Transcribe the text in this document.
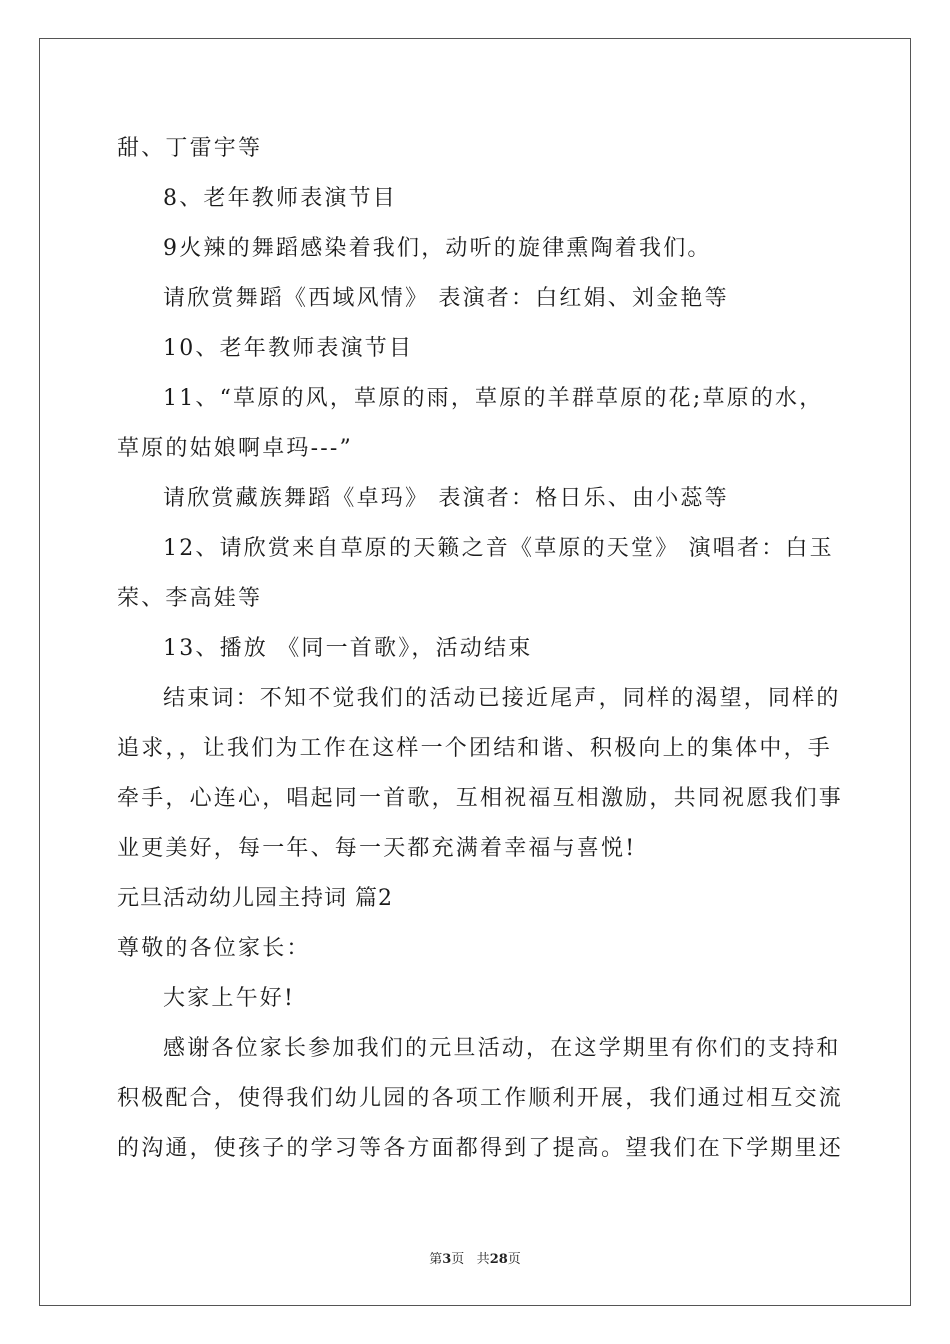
甜、丁雷宇等
8、老年教师表演节目
9火辣的舞蹈感染着我们，动听的旋律熏陶着我们。
请欣赏舞蹈《西域风情》 表演者：白红娟、刘金艳等
10、老年教师表演节目
11、“草原的风，草原的雨，草原的羊群草原的花;草原的水，
草原的姑娘啊卓玛---”
请欣赏藏族舞蹈《卓玛》 表演者：格日乐、由小蕊等
12、请欣赏来自草原的天籁之音《草原的天堂》 演唱者：白玉
荣、李高娃等
13、播放 《同一首歌》，活动结束
结束词：不知不觉我们的活动已接近尾声，同样的渴望，同样的
追求，，让我们为工作在这样一个团结和谐、积极向上的集体中，手
牵手，心连心，唱起同一首歌，互相祝福互相激励，共同祝愿我们事
业更美好，每一年、每一天都充满着幸福与喜悦!
元旦活动幼儿园主持词 篇2
尊敬的各位家长：
大家上午好!
感谢各位家长参加我们的元旦活动，在这学期里有你们的支持和
积极配合，使得我们幼儿园的各项工作顺利开展，我们通过相互交流
的沟通，使孩子的学习等各方面都得到了提高。望我们在下学期里还
第3页 共28页
